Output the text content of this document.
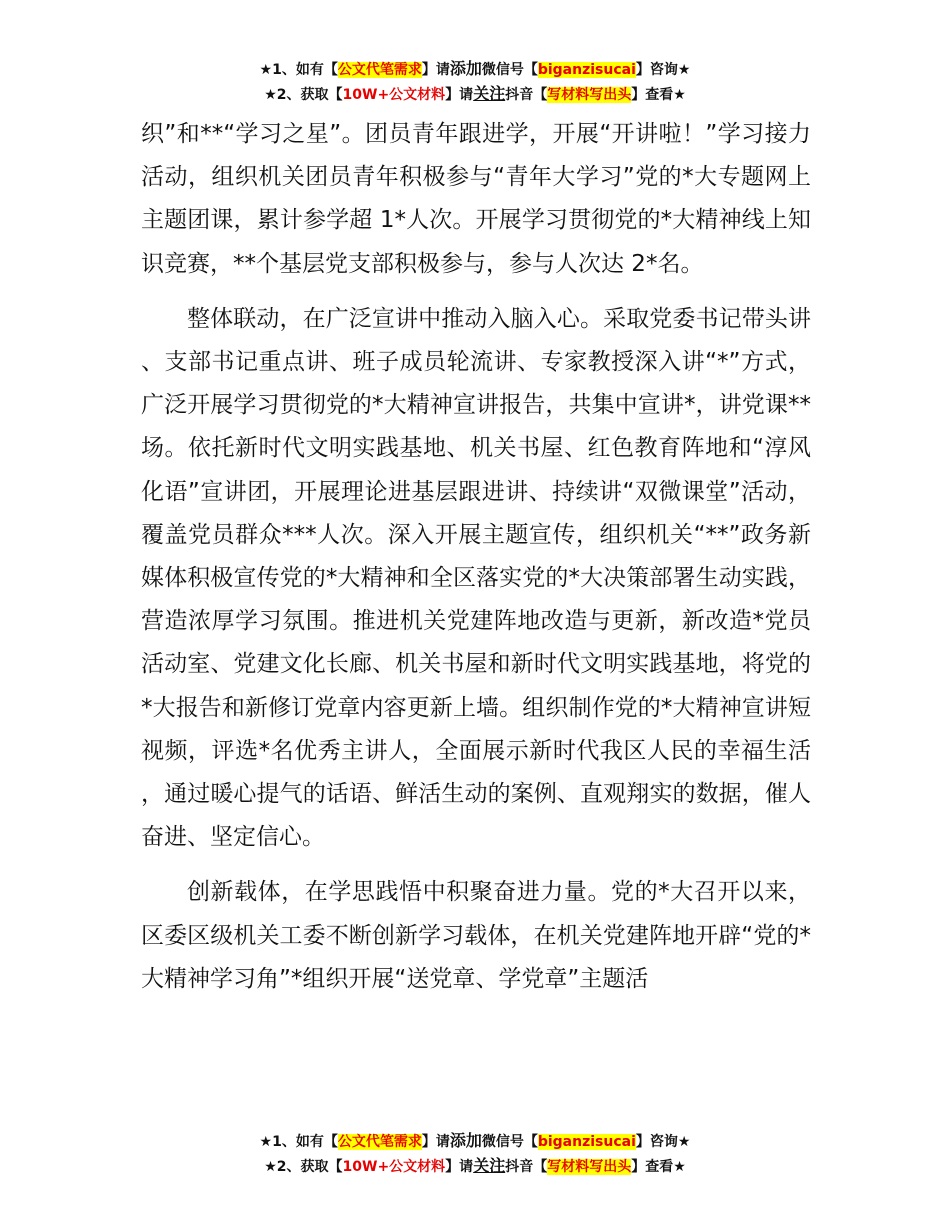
★1、如有【公文代笔需求】请添加微信号【biganzisucai】咨询★
★2、获取【10W+公文材料】请关注抖音【写材料写出头】查看★

织”和**“学习之星”。团员青年跟进学，开展“开讲啦！”学习接力活动，组织机关团员青年积极参与“青年大学习”党的*大专题网上主题团课，累计参学超 1*人次。开展学习贯彻党的*大精神线上知识竞赛，**个基层党支部积极参与，参与人次达 2*名。

整体联动，在广泛宣讲中推动入脑入心。采取党委书记带头讲、支部书记重点讲、班子成员轮流讲、专家教授深入讲“*”方式，广泛开展学习贯彻党的*大精神宣讲报告，共集中宣讲*，讲党课**场。依托新时代文明实践基地、机关书屋、红色教育阵地和“淳风化语”宣讲团，开展理论进基层跟进讲、持续讲“双微课堂”活动，覆盖党员群众***人次。深入开展主题宣传，组织机关“**”政务新媒体积极宣传党的*大精神和全区落实党的*大决策部署生动实践，营造浓厚学习氛围。推进机关党建阵地改造与更新，新改造*党员活动室、党建文化长廊、机关书屋和新时代文明实践基地，将党的*大报告和新修订党章内容更新上墙。组织制作党的*大精神宣讲短视频，评选*名优秀主讲人，全面展示新时代我区人民的幸福生活，通过暖心提气的话语、鲜活生动的案例、直观翔实的数据，催人奋进、坚定信心。

创新载体，在学思践悟中积聚奋进力量。党的*大召开以来，区委区级机关工委不断创新学习载体，在机关党建阵地开辟“党的*大精神学习角”*组织开展“送党章、学党章”主题活

★1、如有【公文代笔需求】请添加微信号【biganzisucai】咨询★
★2、获取【10W+公文材料】请关注抖音【写材料写出头】查看★
